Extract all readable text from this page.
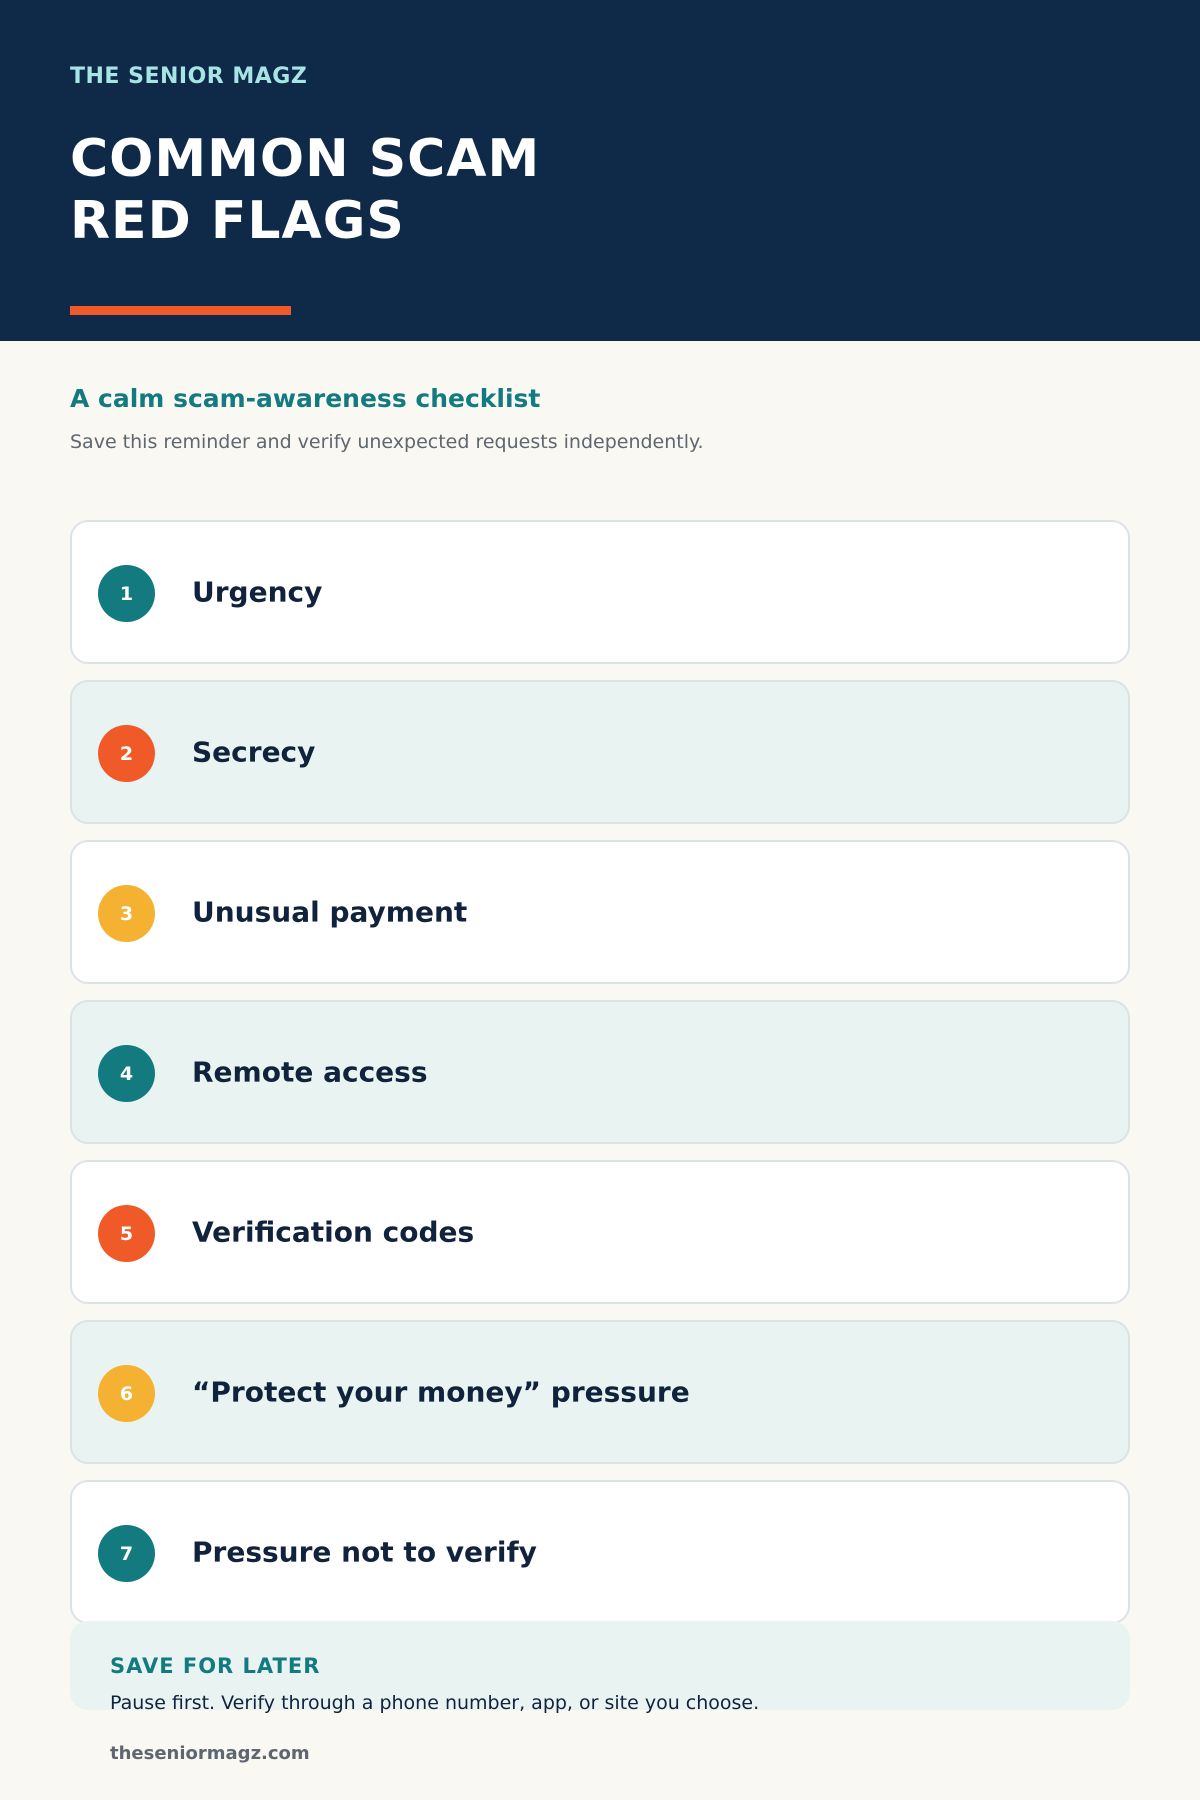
THE SENIOR MAGZ
COMMON SCAM
RED FLAGS
A calm scam-awareness checklist
Save this reminder and verify unexpected requests independently.
1	Urgency
2	Secrecy
3	Unusual payment
4	Remote access
5	Verification codes
6	“Protect your money” pressure
7	Pressure not to verify
SAVE FOR LATER
Pause first. Verify through a phone number, app, or site you choose.
theseniormagz.com
